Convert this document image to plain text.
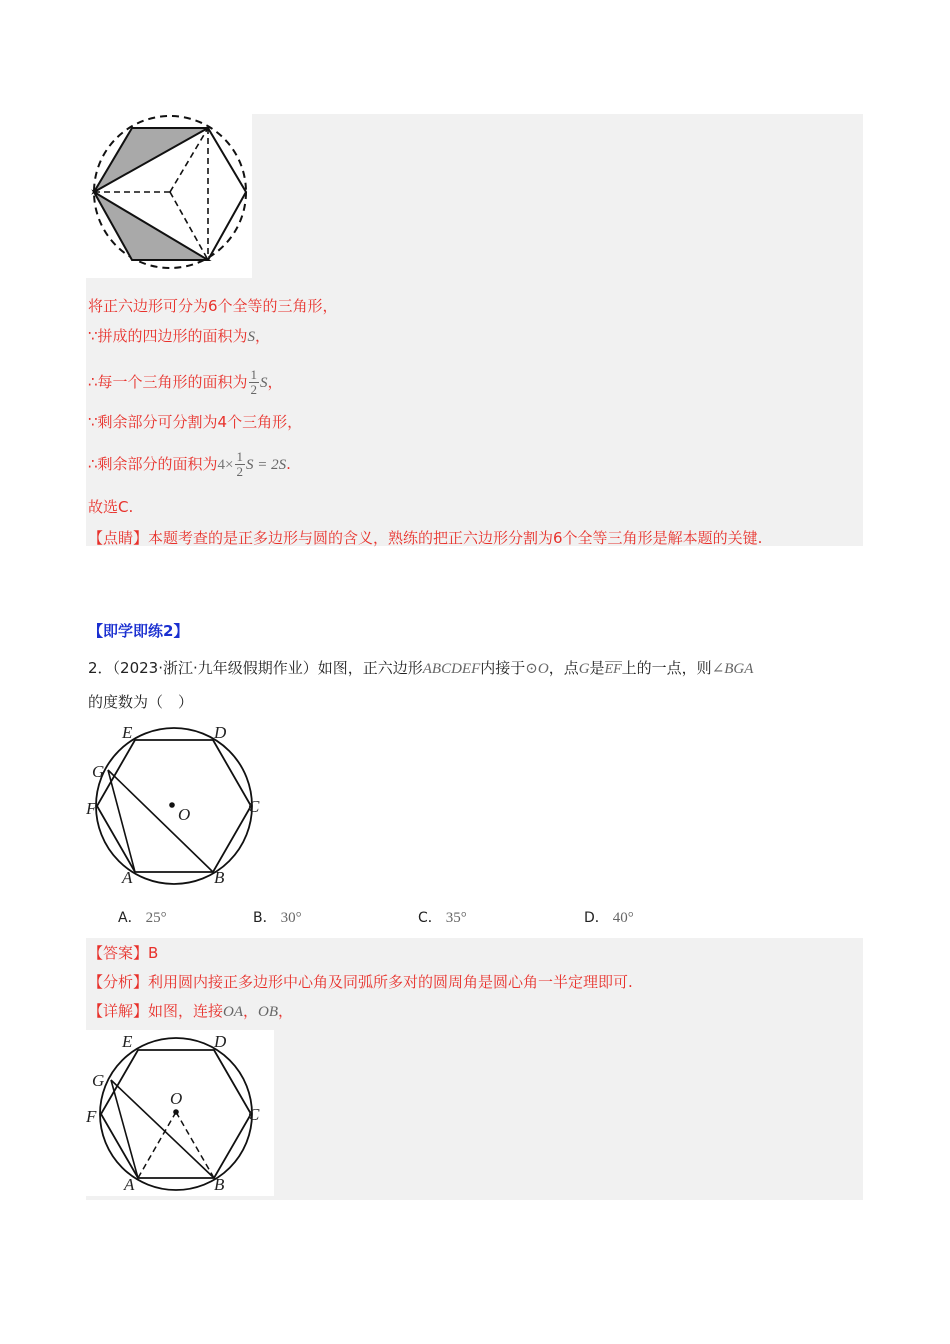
将正六边形可分为6个全等的三角形，
∵拼成的四边形的面积为S，
∴每一个三角形的面积为 $\frac{1}{2}$ S，
∵剩余部分可分割为4个三角形，
∴剩余部分的面积为$4\times \frac{1}{2}$ S = 2S.
故选C.
【点睛】本题考查的是正多边形与圆的含义，熟练的把正六边形分割为6个全等三角形是解本题的关键.
【即学即练2】
2．（2023·浙江·九年级假期作业）如图，正六边形ABCDEF内接于⊙O，点G是EF上的一点，则∠BGA
的度数为（　）
E	D
G
F	C
O
A	B
A． 25°	B． 30°	C． 35°	D． 40°
【答案】B
【分析】利用圆内接正多边形中心角及同弧所多对的圆周角是圆心角一半定理即可.
【详解】如图，连接OA，OB，
E	D
G
F	C
O
A	B
